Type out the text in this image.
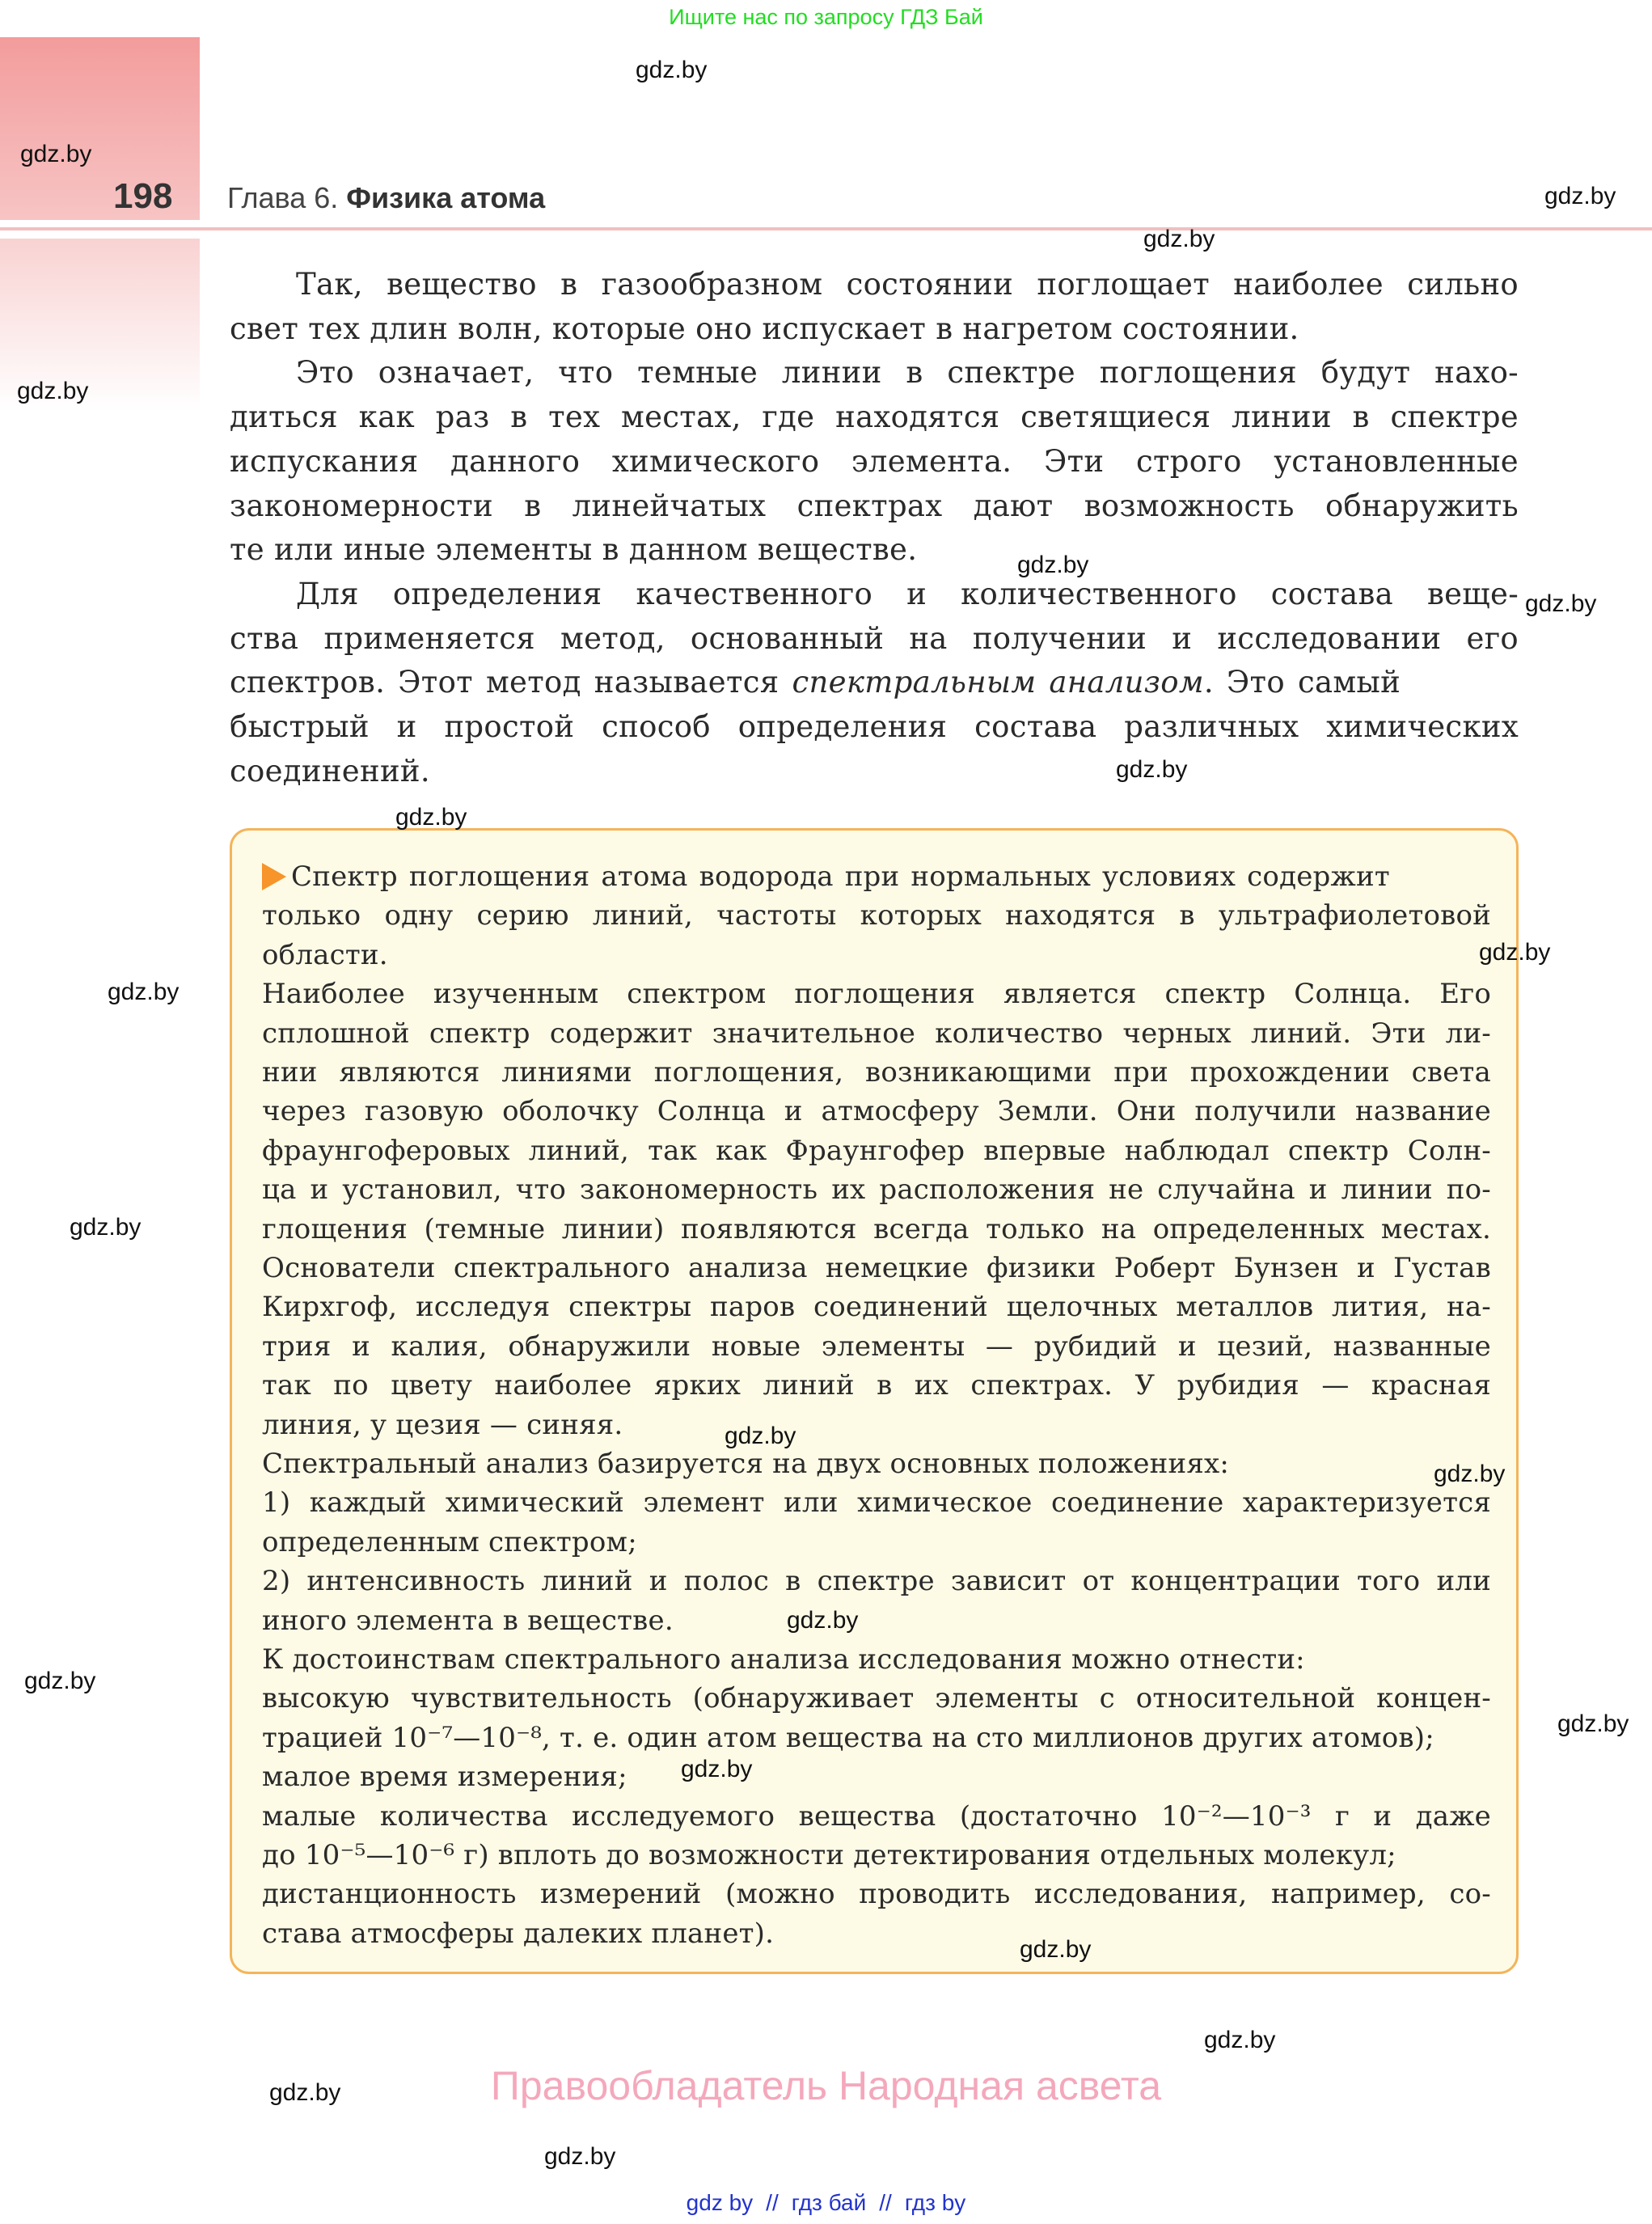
Ищите нас по запросу ГДЗ Бай
198 Глава 6. Физика атома
Так, вещество в газообразном состоянии поглощает наиболее сильно
свет тех длин волн, которые оно испускает в нагретом состоянии.
Это означает, что темные линии в спектре поглощения будут нахо-
диться как раз в тех местах, где находятся светящиеся линии в спектре
испускания данного химического элемента. Эти строго установленные
закономерности в линейчатых спектрах дают возможность обнаружить
те или иные элементы в данном веществе.
Для определения качественного и количественного состава веще-
ства применяется метод, основанный на получении и исследовании его
спектров. Этот метод называется спектральным анализом. Это самый
быстрый и простой способ определения состава различных химических
соединений.
Спектр поглощения атома водорода при нормальных условиях содержит
только одну серию линий, частоты которых находятся в ультрафиолетовой
области.
Наиболее изученным спектром поглощения является спектр Солнца. Его
сплошной спектр содержит значительное количество черных линий. Эти ли-
нии являются линиями поглощения, возникающими при прохождении света
через газовую оболочку Солнца и атмосферу Земли. Они получили название
фраунгоферовых линий, так как Фраунгофер впервые наблюдал спектр Солн-
ца и установил, что закономерность их расположения не случайна и линии по-
глощения (темные линии) появляются всегда только на определенных местах.
Основатели спектрального анализа немецкие физики Роберт Бунзен и Густав
Кирхгоф, исследуя спектры паров соединений щелочных металлов лития, на-
трия и калия, обнаружили новые элементы — рубидий и цезий, названные
так по цвету наиболее ярких линий в их спектрах. У рубидия — красная
линия, у цезия — синяя.
Спектральный анализ базируется на двух основных положениях:
1) каждый химический элемент или химическое соединение характеризуется
определенным спектром;
2) интенсивность линий и полос в спектре зависит от концентрации того или
иного элемента в веществе.
К достоинствам спектрального анализа исследования можно отнести:
высокую чувствительность (обнаруживает элементы с относительной концен-
трацией 10⁻⁷—10⁻⁸, т. е. один атом вещества на сто миллионов других атомов);
малое время измерения;
малые количества исследуемого вещества (достаточно 10⁻²—10⁻³ г и даже
до 10⁻⁵—10⁻⁶ г) вплоть до возможности детектирования отдельных молекул;
дистанционность измерений (можно проводить исследования, например, со-
става атмосферы далеких планет).
gdz.by
gdz.by
gdz.by
gdz.by
gdz.by
gdz.by
gdz.by
gdz.by
gdz.by
gdz.by
gdz.by
gdz.by
gdz.by
gdz.by
gdz.by
gdz.by
gdz.by
gdz.by
gdz.by
gdz.by
gdz.by
gdz.by
Правообладатель Народная асвета
gdz by // гдз бай // гдз by
